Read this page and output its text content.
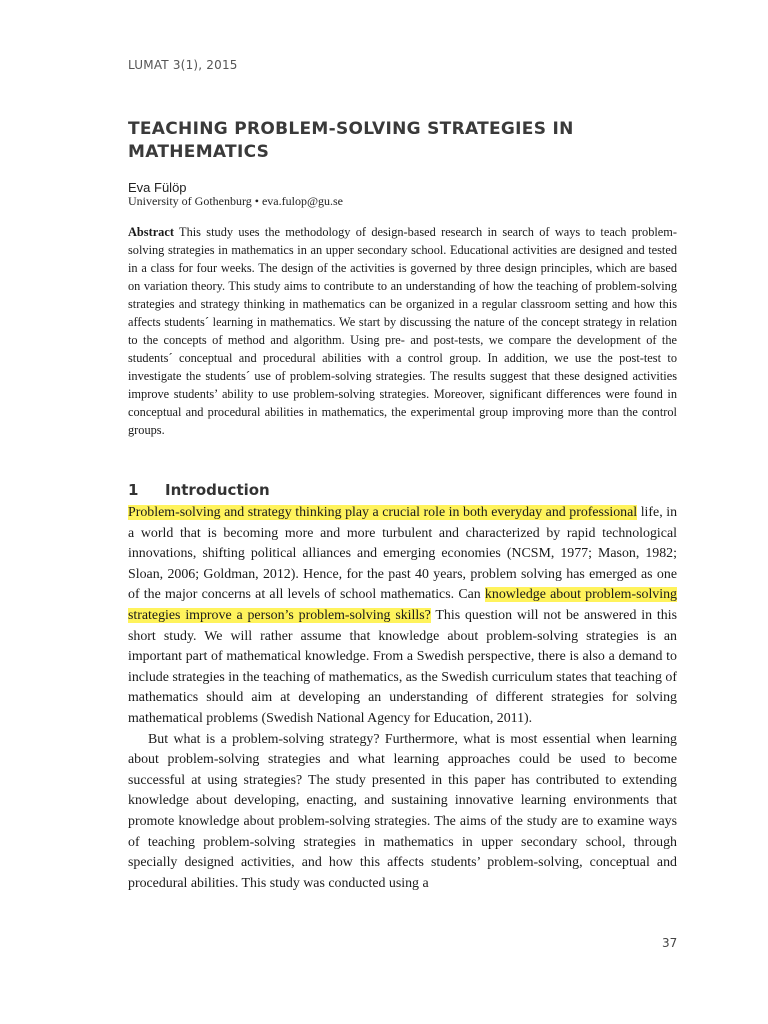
LUMAT 3(1), 2015
TEACHING PROBLEM-SOLVING STRATEGIES IN
MATHEMATICS
Eva Fülöp
University of Gothenburg • eva.fulop@gu.se

Abstract This study uses the methodology of design-based research in search of ways to teach problem-solving strategies in mathematics in an upper secondary school. Educational activities are designed and tested in a class for four weeks. The design of the activities is governed by three design principles, which are based on variation theory. This study aims to contribute to an understanding of how the teaching of problem-solving strategies and strategy thinking in mathematics can be organized in a regular classroom setting and how this affects students´ learning in mathematics. We start by discussing the nature of the concept strategy in relation to the concepts of method and algorithm. Using pre- and post-tests, we compare the development of the students´ conceptual and procedural abilities with a control group. In addition, we use the post-test to investigate the students´ use of problem-solving strategies. The results suggest that these designed activities improve students’ ability to use problem-solving strategies. Moreover, significant differences were found in conceptual and procedural abilities in mathematics, the experimental group improving more than the control groups.

1 Introduction

Problem-solving and strategy thinking play a crucial role in both everyday and professional life, in a world that is becoming more and more turbulent and characterized by rapid technological innovations, shifting political alliances and emerging economies (NCSM, 1977; Mason, 1982; Sloan, 2006; Goldman, 2012). Hence, for the past 40 years, problem solving has emerged as one of the major concerns at all levels of school mathematics. Can knowledge about problem-solving strategies improve a person’s problem-solving skills? This question will not be answered in this short study. We will rather assume that knowledge about problem-solving strategies is an important part of mathematical knowledge. From a Swedish perspective, there is also a demand to include strategies in the teaching of mathematics, as the Swedish curriculum states that teaching of mathematics should aim at developing an understanding of different strategies for solving mathematical problems (Swedish National Agency for Education, 2011).

But what is a problem-solving strategy? Furthermore, what is most essential when learning about problem-solving strategies and what learning approaches could be used to become successful at using strategies? The study presented in this paper has contributed to extending knowledge about developing, enacting, and sustaining innovative learning environments that promote knowledge about problem-solving strategies. The aims of the study are to examine ways of teaching problem-solving strategies in mathematics in upper secondary school, through specially designed activities, and how this affects students’ problem-solving, conceptual and procedural abilities. This study was conducted using a

37
